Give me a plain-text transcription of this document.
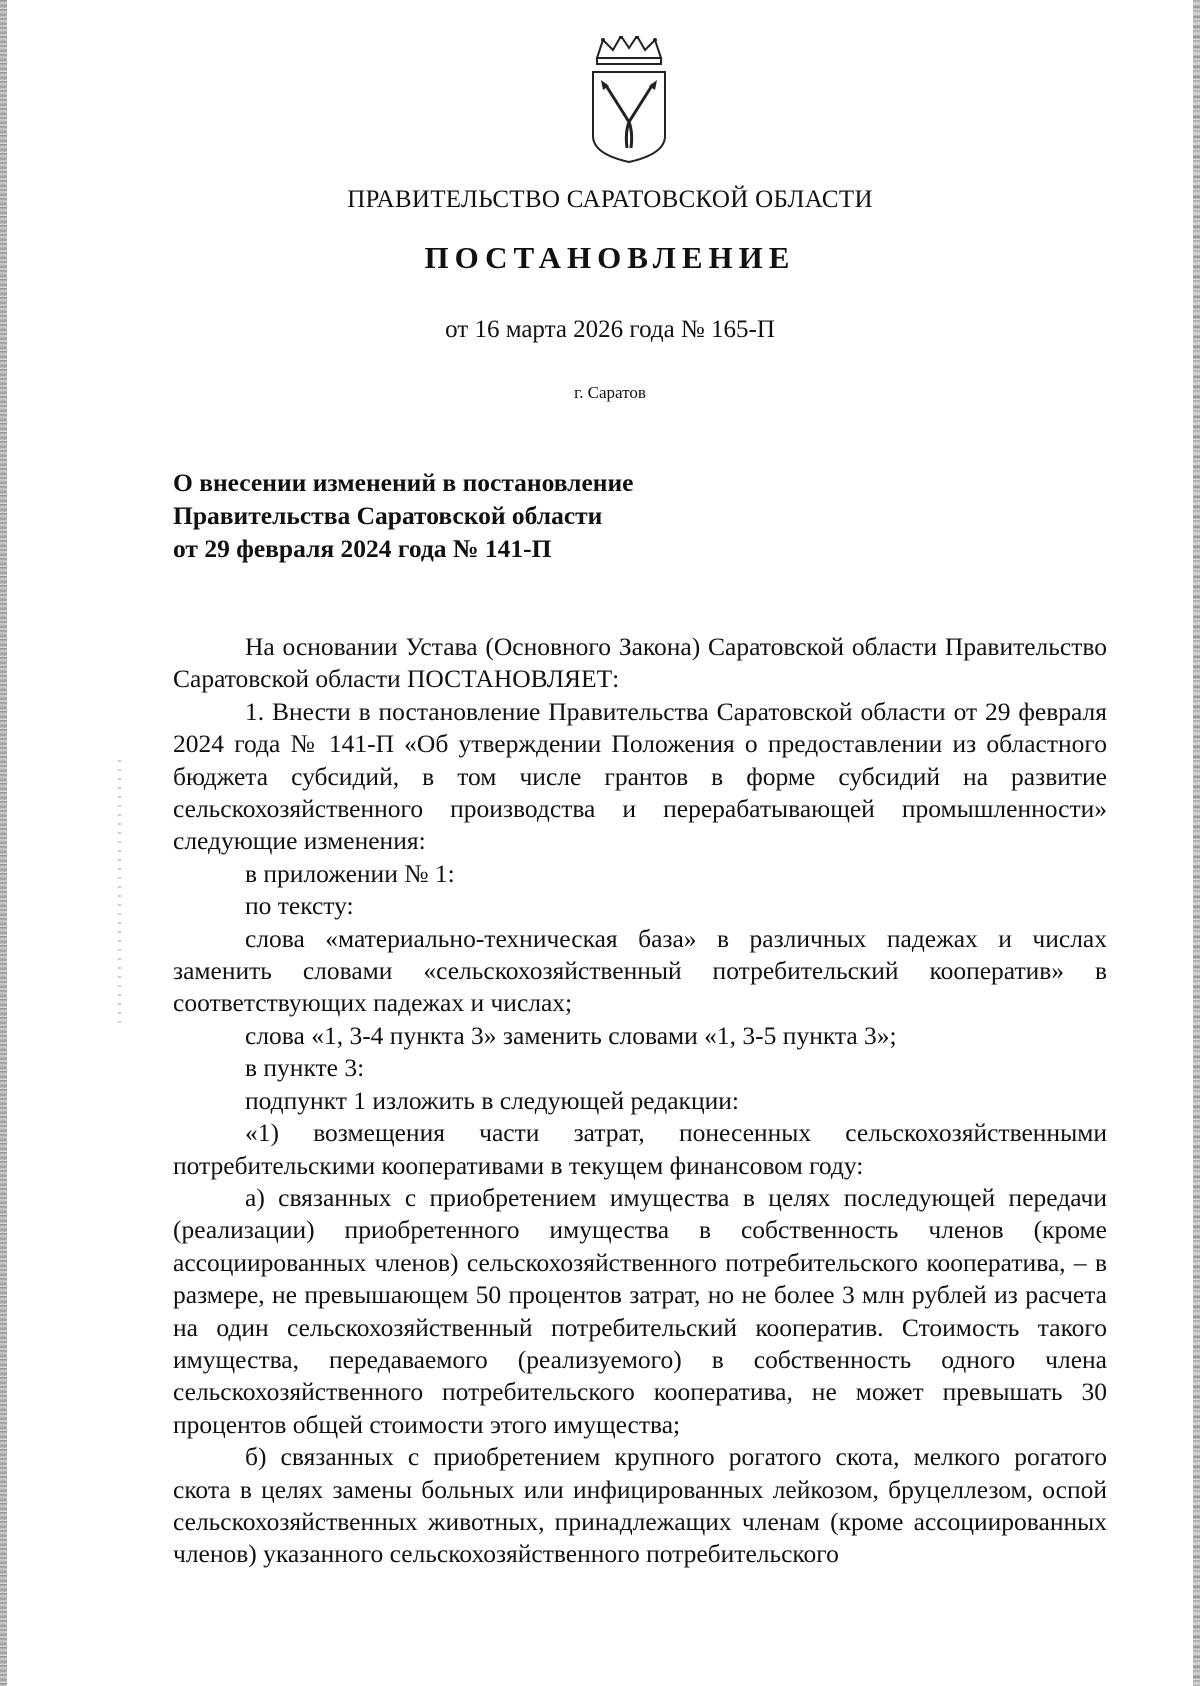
ПРАВИТЕЛЬСТВО САРАТОВСКОЙ ОБЛАСТИ
ПОСТАНОВЛЕНИЕ
от 16 марта 2026 года № 165-П
г. Саратов
О внесении изменений в постановление
Правительства Саратовской области
от 29 февраля 2024 года № 141-П

На основании Устава (Основного Закона) Саратовской области Правительство Саратовской области ПОСТАНОВЛЯЕТ:

1. Внести в постановление Правительства Саратовской области от 29 февраля 2024 года № 141-П «Об утверждении Положения о предоставлении из областного бюджета субсидий, в том числе грантов в форме субсидий на развитие сельскохозяйственного производства и перерабатывающей промышленности» следующие изменения:

в приложении № 1:

по тексту:

слова «материально-техническая база» в различных падежах и числах заменить словами «сельскохозяйственный потребительский кооператив» в соответствующих падежах и числах;

слова «1, 3-4 пункта 3» заменить словами «1, 3-5 пункта 3»;

в пункте 3:

подпункт 1 изложить в следующей редакции:

«1) возмещения части затрат, понесенных сельскохозяйственными потребительскими кооперативами в текущем финансовом году:

а) связанных с приобретением имущества в целях последующей передачи (реализации) приобретенного имущества в собственность членов (кроме ассоциированных членов) сельскохозяйственного потребительского кооператива, – в размере, не превышающем 50 процентов затрат, но не более 3 млн рублей из расчета на один сельскохозяйственный потребительский кооператив. Стоимость такого имущества, передаваемого (реализуемого) в собственность одного члена сельскохозяйственного потребительского кооператива, не может превышать 30 процентов общей стоимости этого имущества;

б) связанных с приобретением крупного рогатого скота, мелкого рогатого скота в целях замены больных или инфицированных лейкозом, бруцеллезом, оспой сельскохозяйственных животных, принадлежащих членам (кроме ассоциированных членов) указанного сельскохозяйственного потребительского
